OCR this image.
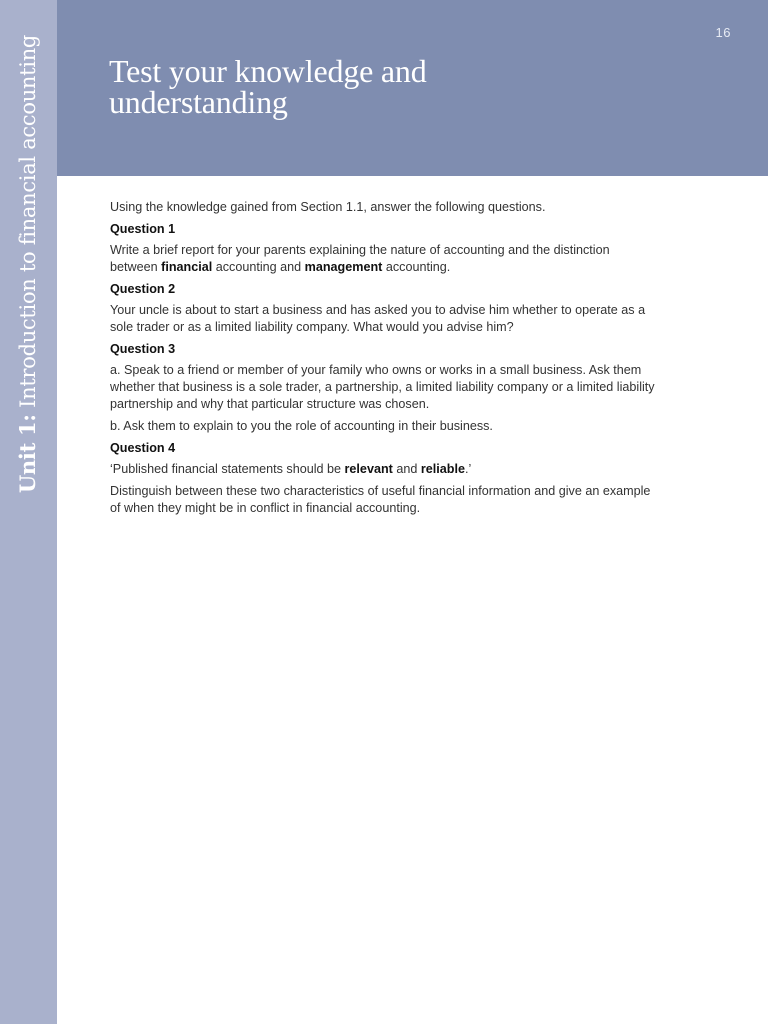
Unit 1: Introduction to financial accounting
16
Test your knowledge and understanding

Using the knowledge gained from Section 1.1, answer the following questions.

Question 1

Write a brief report for your parents explaining the nature of accounting and the distinction between financial accounting and management accounting.

Question 2

Your uncle is about to start a business and has asked you to advise him whether to operate as a sole trader or as a limited liability company. What would you advise him?

Question 3

a. Speak to a friend or member of your family who owns or works in a small business. Ask them whether that business is a sole trader, a partnership, a limited liability company or a limited liability partnership and why that particular structure was chosen.

b. Ask them to explain to you the role of accounting in their business.

Question 4

‘Published financial statements should be relevant and reliable.’

Distinguish between these two characteristics of useful financial information and give an example of when they might be in conflict in financial accounting.
